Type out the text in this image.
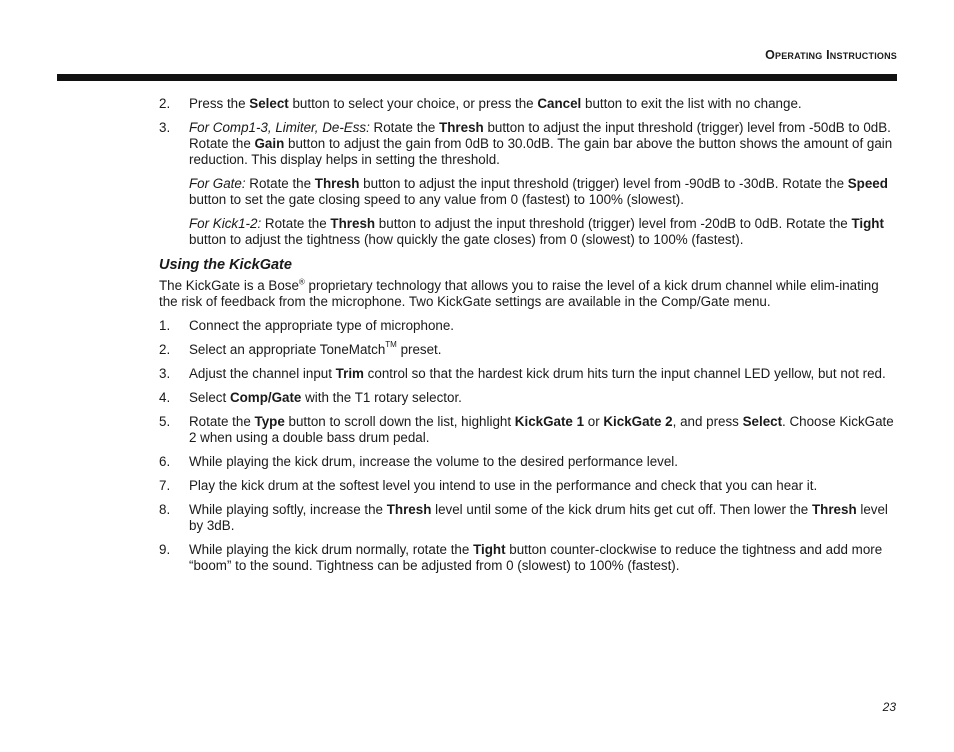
Operating Instructions
2. Press the Select button to select your choice, or press the Cancel button to exit the list with no change.
3. For Comp1-3, Limiter, De-Ess: Rotate the Thresh button to adjust the input threshold (trigger) level from -50dB to 0dB. Rotate the Gain button to adjust the gain from 0dB to 30.0dB. The gain bar above the button shows the amount of gain reduction. This display helps in setting the threshold.

For Gate: Rotate the Thresh button to adjust the input threshold (trigger) level from -90dB to -30dB. Rotate the Speed button to set the gate closing speed to any value from 0 (fastest) to 100% (slowest).

For Kick1-2: Rotate the Thresh button to adjust the input threshold (trigger) level from -20dB to 0dB. Rotate the Tight button to adjust the tightness (how quickly the gate closes) from 0 (slowest) to 100% (fastest).

Using the KickGate

The KickGate is a Bose® proprietary technology that allows you to raise the level of a kick drum channel while elim-inating the risk of feedback from the microphone. Two KickGate settings are available in the Comp/Gate menu.

1. Connect the appropriate type of microphone.
2. Select an appropriate ToneMatch™ preset.
3. Adjust the channel input Trim control so that the hardest kick drum hits turn the input channel LED yellow, but not red.
4. Select Comp/Gate with the T1 rotary selector.
5. Rotate the Type button to scroll down the list, highlight KickGate 1 or KickGate 2, and press Select. Choose KickGate 2 when using a double bass drum pedal.
6. While playing the kick drum, increase the volume to the desired performance level.
7. Play the kick drum at the softest level you intend to use in the performance and check that you can hear it.
8. While playing softly, increase the Thresh level until some of the kick drum hits get cut off. Then lower the Thresh level by 3dB.
9. While playing the kick drum normally, rotate the Tight button counter-clockwise to reduce the tightness and add more “boom” to the sound. Tightness can be adjusted from 0 (slowest) to 100% (fastest).
23
